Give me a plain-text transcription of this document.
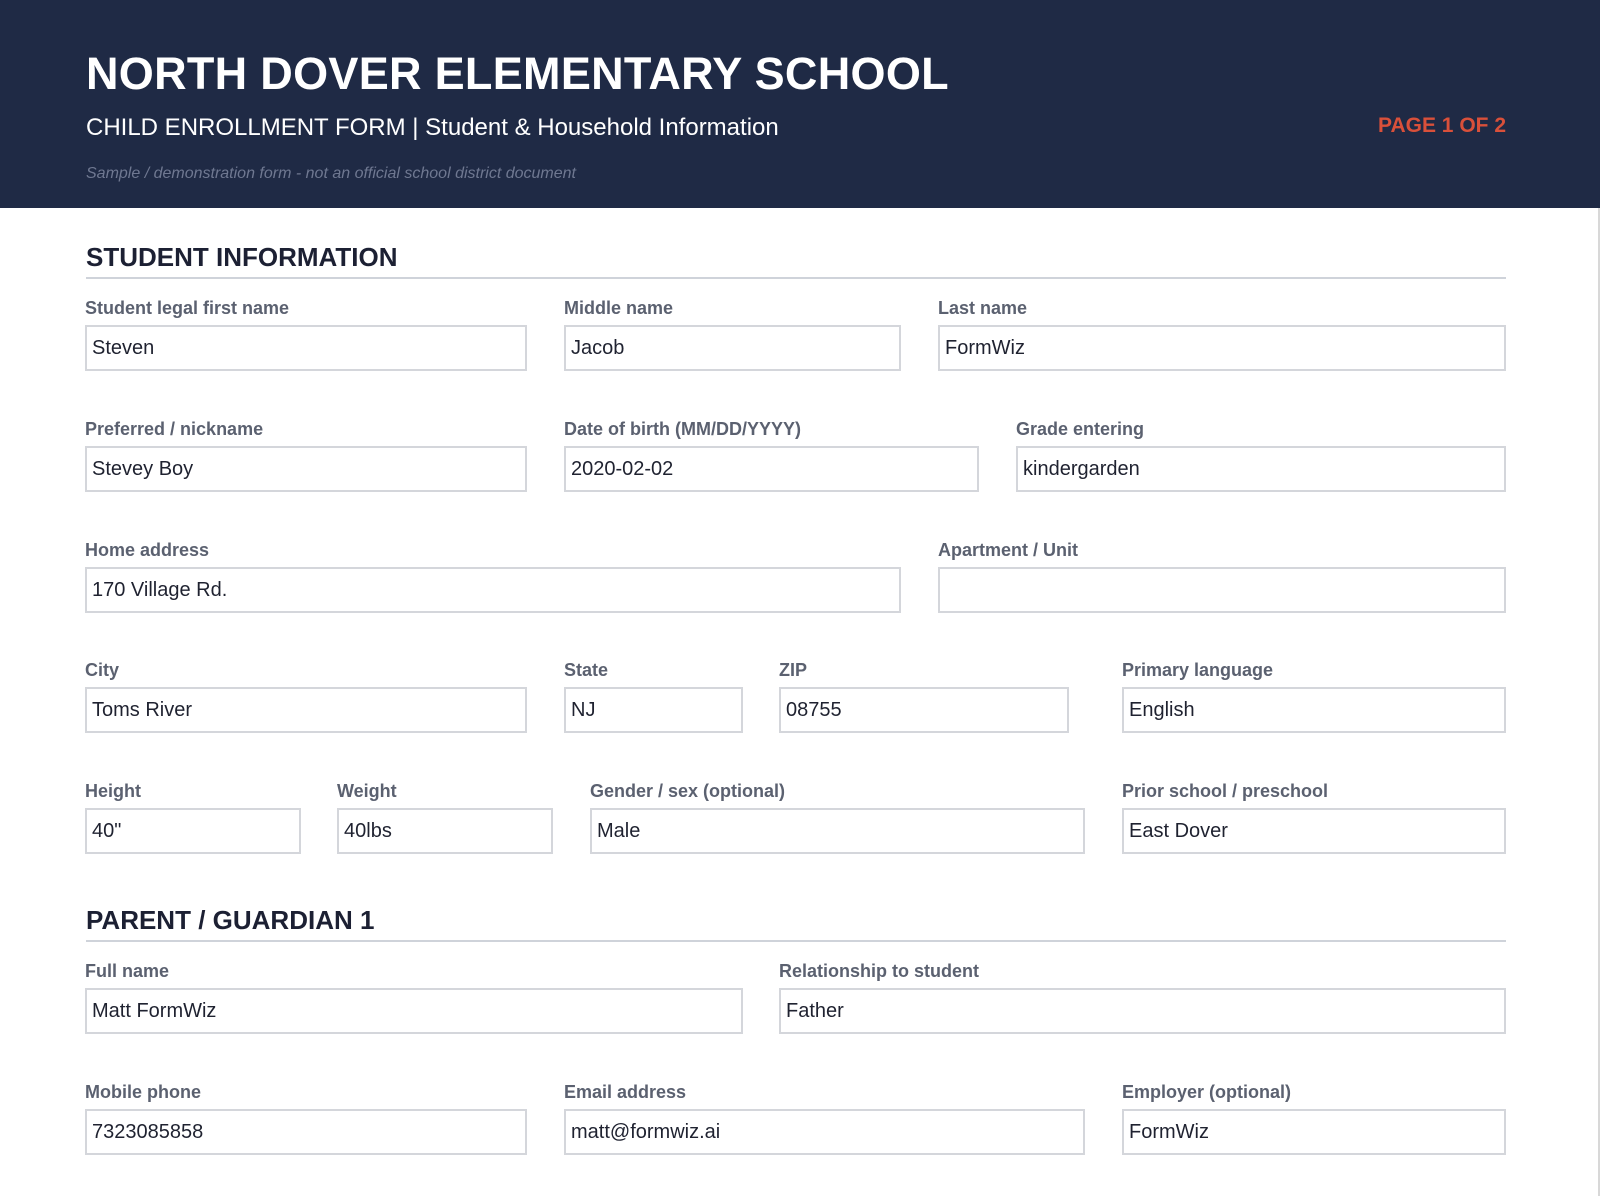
NORTH DOVER ELEMENTARY SCHOOL
CHILD ENROLLMENT FORM | Student & Household Information
Sample / demonstration form - not an official school district document
PAGE 1 OF 2
STUDENT INFORMATION
Student legal first name
Steven
Middle name
Jacob
Last name
FormWiz
Preferred / nickname
Stevey Boy
Date of birth (MM/DD/YYYY)
2020-02-02
Grade entering
kindergarden
Home address
170 Village Rd.
Apartment / Unit
City
Toms River
State
NJ
ZIP
08755
Primary language
English
Height
40"
Weight
40lbs
Gender / sex (optional)
Male
Prior school / preschool
East Dover
PARENT / GUARDIAN 1
Full name
Matt FormWiz
Relationship to student
Father
Mobile phone
7323085858
Email address
matt@formwiz.ai
Employer (optional)
FormWiz
